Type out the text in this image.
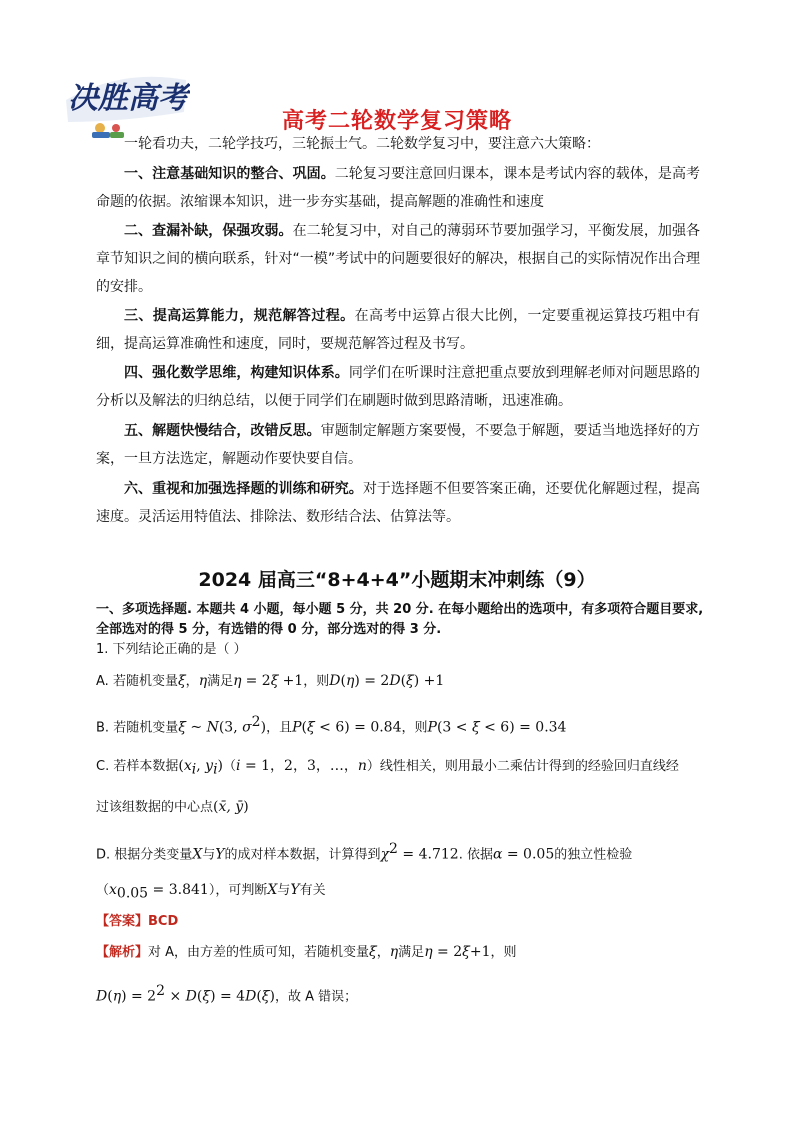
决胜高考
高考二轮数学复习策略
一轮看功夫，二轮学技巧，三轮振士气。二轮数学复习中，要注意六大策略：
一、注意基础知识的整合、巩固。二轮复习要注意回归课本，课本是考试内容的载体，是高考命题的依据。浓缩课本知识，进一步夯实基础，提高解题的准确性和速度
二、查漏补缺，保强攻弱。在二轮复习中，对自己的薄弱环节要加强学习，平衡发展，加强各章节知识之间的横向联系，针对“一模”考试中的问题要很好的解决，根据自己的实际情况作出合理的安排。
三、提高运算能力，规范解答过程。在高考中运算占很大比例，一定要重视运算技巧粗中有细，提高运算准确性和速度，同时，要规范解答过程及书写。
四、强化数学思维，构建知识体系。同学们在听课时注意把重点要放到理解老师对问题思路的分析以及解法的归纳总结，以便于同学们在刷题时做到思路清晰，迅速准确。
五、解题快慢结合，改错反思。审题制定解题方案要慢，不要急于解题，要适当地选择好的方案，一旦方法选定，解题动作要快要自信。
六、重视和加强选择题的训练和研究。对于选择题不但要答案正确，还要优化解题过程，提高速度。灵活运用特值法、排除法、数形结合法、估算法等。
2024 届高三“8+4+4”小题期末冲刺练（9）
一、多项选择题. 本题共 4 小题，每小题 5 分，共 20 分. 在每小题给出的选项中，有多项符合题目要求, 全部选对的得 5 分，有选错的得 0 分，部分选对的得 3 分.
1. 下列结论正确的是（ ）
A. 若随机变量ξ，η满足η = 2ξ +1，则D(η) = 2D(ξ) +1
B. 若随机变量ξ ~ N(3, $\sigma^2$)，且P(ξ < 6) = 0.84，则P(3 < ξ < 6) = 0.34
C. 若样本数据($x_i$, $y_i)(i = 1$，2，3，…，n）线性相关，则用最小二乘估计得到的经验回归直线经
过该组数据的中心点(x̄, ȳ)
D. 根据分类变量X与Y的成对样本数据，计算得到$\chi^2 = 4.712$. 依据α = 0.05的独立性检验
$(x_{0.05} = 3.841)$，可判断X与Y有关
【答案】BCD
【解析】对 A，由方差的性质可知，若随机变量ξ，η满足η = 2ξ+1，则
$D(\eta) = 2^2 \times D(\xi) = 4D(\xi)$，故 A 错误；
